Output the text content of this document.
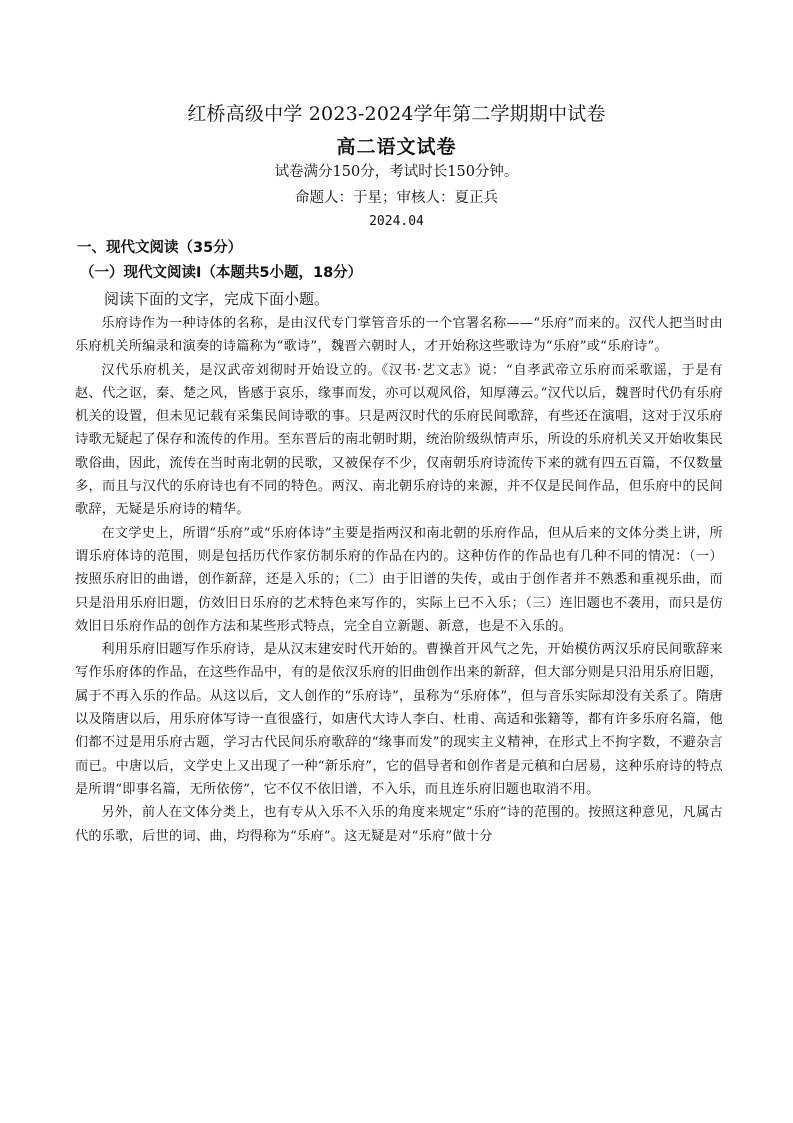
红桥高级中学 2023-2024学年第二学期期中试卷
高二语文试卷
试卷满分150分，考试时长150分钟。
命题人：于星；审核人：夏正兵
2024.04
一、现代文阅读（35分）
（一）现代文阅读Ⅰ（本题共5小题，18分）
阅读下面的文字，完成下面小题。

乐府诗作为一种诗体的名称，是由汉代专门掌管音乐的一个官署名称——“乐府”而来的。汉代人把当时由乐府机关所编录和演奏的诗篇称为“歌诗”，魏晋六朝时人，才开始称这些歌诗为“乐府”或“乐府诗”。

汉代乐府机关，是汉武帝刘彻时开始设立的。《汉书·艺文志》说：“自孝武帝立乐府而采歌谣，于是有赵、代之讴，秦、楚之风，皆感于哀乐，缘事而发，亦可以观风俗，知厚薄云。”汉代以后，魏晋时代仍有乐府机关的设置，但未见记载有采集民间诗歌的事。只是两汉时代的乐府民间歌辞，有些还在演唱，这对于汉乐府诗歌无疑起了保存和流传的作用。至东晋后的南北朝时期，统治阶级纵情声乐，所设的乐府机关又开始收集民歌俗曲，因此，流传在当时南北朝的民歌，又被保存不少，仅南朝乐府诗流传下来的就有四五百篇，不仅数量多，而且与汉代的乐府诗也有不同的特色。两汉、南北朝乐府诗的来源，并不仅是民间作品，但乐府中的民间歌辞，无疑是乐府诗的精华。

在文学史上，所谓“乐府”或“乐府体诗”主要是指两汉和南北朝的乐府作品，但从后来的文体分类上讲，所谓乐府体诗的范围，则是包括历代作家仿制乐府的作品在内的。这种仿作的作品也有几种不同的情况：（一）按照乐府旧的曲谱，创作新辞，还是入乐的；（二）由于旧谱的失传，或由于创作者并不熟悉和重视乐曲，而只是沿用乐府旧题，仿效旧日乐府的艺术特色来写作的，实际上已不入乐；（三）连旧题也不袭用，而只是仿效旧日乐府作品的创作方法和某些形式特点，完全自立新题、新意，也是不入乐的。

利用乐府旧题写作乐府诗，是从汉末建安时代开始的。曹操首开风气之先，开始模仿两汉乐府民间歌辞来写作乐府体的作品，在这些作品中，有的是依汉乐府的旧曲创作出来的新辞，但大部分则是只沿用乐府旧题，属于不再入乐的作品。从这以后，文人创作的“乐府诗”，虽称为“乐府体”，但与音乐实际却没有关系了。隋唐以及隋唐以后，用乐府体写诗一直很盛行，如唐代大诗人李白、杜甫、高适和张籍等，都有许多乐府名篇，他们都不过是用乐府古题，学习古代民间乐府歌辞的“缘事而发”的现实主义精神，在形式上不拘字数，不避杂言而已。中唐以后，文学史上又出现了一种“新乐府”，它的倡导者和创作者是元稹和白居易，这种乐府诗的特点是所谓“即事名篇，无所依傍”，它不仅不依旧谱，不入乐，而且连乐府旧题也取消不用。

另外，前人在文体分类上，也有专从入乐不入乐的角度来规定“乐府”诗的范围的。按照这种意见，凡属古代的乐歌，后世的词、曲，均得称为“乐府”。这无疑是对“乐府”做十分
